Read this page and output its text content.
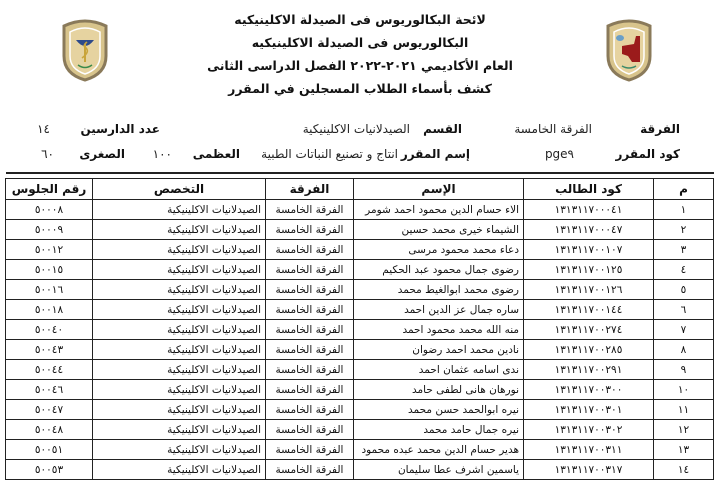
لائحة البكالوريوس فى الصيدلة الاكلينيكيه
البكالوريوس فى الصيدلة الاكلينيكيه
العام الأكاديمي ٢٠٢١-٢٠٢٢ الفصل الدراسى الثانى
كشف بأسماء الطلاب المسجلين في المقرر
الفرقة
الفرقة الخامسة
القسم
الصيدلانيات الاكلينيكية
عدد الدارسين
١٤
كود المقرر
pge٩
إسم المقرر
انتاج و تصنيع النباتات الطبية
العظمى
١٠٠
الصغرى
٦٠
م	كود الطالب	الإسم	الفرقة	التخصص	رقم الجلوس
١	١٣١٣١١٧٠٠٠٤١	الاء حسام الدين محمود احمد شومر	الفرقة الخامسة	الصيدلانيات الاكلينيكية	٥٠٠٠٨
٢	١٣١٣١١٧٠٠٠٤٧	الشيماء خيرى محمد حسين	الفرقة الخامسة	الصيدلانيات الاكلينيكية	٥٠٠٠٩
٣	١٣١٣١١٧٠٠١٠٧	دعاء محمد محمود مرسى	الفرقة الخامسة	الصيدلانيات الاكلينيكية	٥٠٠١٢
٤	١٣١٣١١٧٠٠١٢٥	رضوى جمال محمود عبد الحكيم	الفرقة الخامسة	الصيدلانيات الاكلينيكية	٥٠٠١٥
٥	١٣١٣١١٧٠٠١٢٦	رضوى محمد ابوالغيط محمد	الفرقة الخامسة	الصيدلانيات الاكلينيكية	٥٠٠١٦
٦	١٣١٣١١٧٠٠١٤٤	ساره جمال عز الدين احمد	الفرقة الخامسة	الصيدلانيات الاكلينيكية	٥٠٠١٨
٧	١٣١٣١١٧٠٠٢٧٤	منه الله محمد محمود احمد	الفرقة الخامسة	الصيدلانيات الاكلينيكية	٥٠٠٤٠
٨	١٣١٣١١٧٠٠٢٨٥	نادين محمد احمد رضوان	الفرقة الخامسة	الصيدلانيات الاكلينيكية	٥٠٠٤٣
٩	١٣١٣١١٧٠٠٢٩١	ندى اسامه عثمان احمد	الفرقة الخامسة	الصيدلانيات الاكلينيكية	٥٠٠٤٤
١٠	١٣١٣١١٧٠٠٣٠٠	نورهان هانى لطفى حامد	الفرقة الخامسة	الصيدلانيات الاكلينيكية	٥٠٠٤٦
١١	١٣١٣١١٧٠٠٣٠١	نيره ابوالحمد حسن محمد	الفرقة الخامسة	الصيدلانيات الاكلينيكية	٥٠٠٤٧
١٢	١٣١٣١١٧٠٠٣٠٢	نيره جمال حامد محمد	الفرقة الخامسة	الصيدلانيات الاكلينيكية	٥٠٠٤٨
١٣	١٣١٣١١٧٠٠٣١١	هدير حسام الدين محمد عبده محمود	الفرقة الخامسة	الصيدلانيات الاكلينيكية	٥٠٠٥١
١٤	١٣١٣١١٧٠٠٣١٧	ياسمين اشرف عطا سليمان	الفرقة الخامسة	الصيدلانيات الاكلينيكية	٥٠٠٥٣
